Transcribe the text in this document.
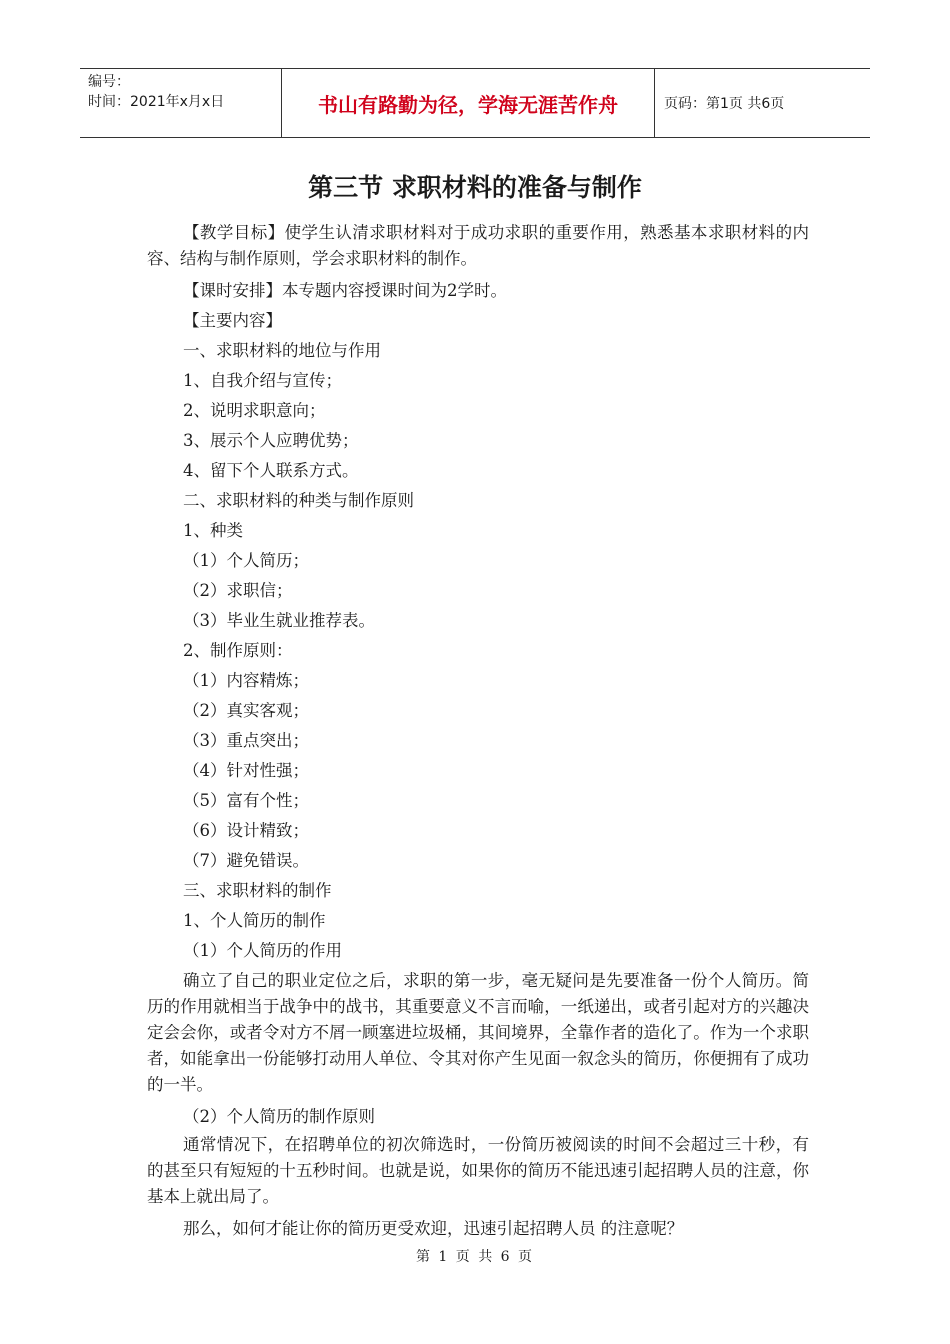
编号：
时间：2021年x月x日	书山有路勤为径，学海无涯苦作舟	页码：第1页 共6页
第三节 求职材料的准备与制作

【教学目标】使学生认清求职材料对于成功求职的重要作用，熟悉基本求职材料的内容、结构与制作原则，学会求职材料的制作。

【课时安排】本专题内容授课时间为2学时。

【主要内容】

一、求职材料的地位与作用

1、自我介绍与宣传；

2、说明求职意向；

3、展示个人应聘优势；

4、留下个人联系方式。

二、求职材料的种类与制作原则

1、种类

（1）个人简历；

（2）求职信；

（3）毕业生就业推荐表。

2、制作原则：

（1）内容精炼；

（2）真实客观；

（3）重点突出；

（4）针对性强；

（5）富有个性；

（6）设计精致；

（7）避免错误。

三、求职材料的制作

1、个人简历的制作

（1）个人简历的作用

确立了自己的职业定位之后，求职的第一步，毫无疑问是先要准备一份个人简历。简历的作用就相当于战争中的战书，其重要意义不言而喻，一纸递出，或者引起对方的兴趣决定会会你，或者令对方不屑一顾塞进垃圾桶，其间境界，全靠作者的造化了。作为一个求职者，如能拿出一份能够打动用人单位、令其对你产生见面一叙念头的简历，你便拥有了成功的一半。

（2）个人简历的制作原则

通常情况下，在招聘单位的初次筛选时，一份简历被阅读的时间不会超过三十秒，有的甚至只有短短的十五秒时间。也就是说，如果你的简历不能迅速引起招聘人员的注意，你基本上就出局了。

那么，如何才能让你的简历更受欢迎，迅速引起招聘人员 的注意呢？

第 1 页 共 6 页
